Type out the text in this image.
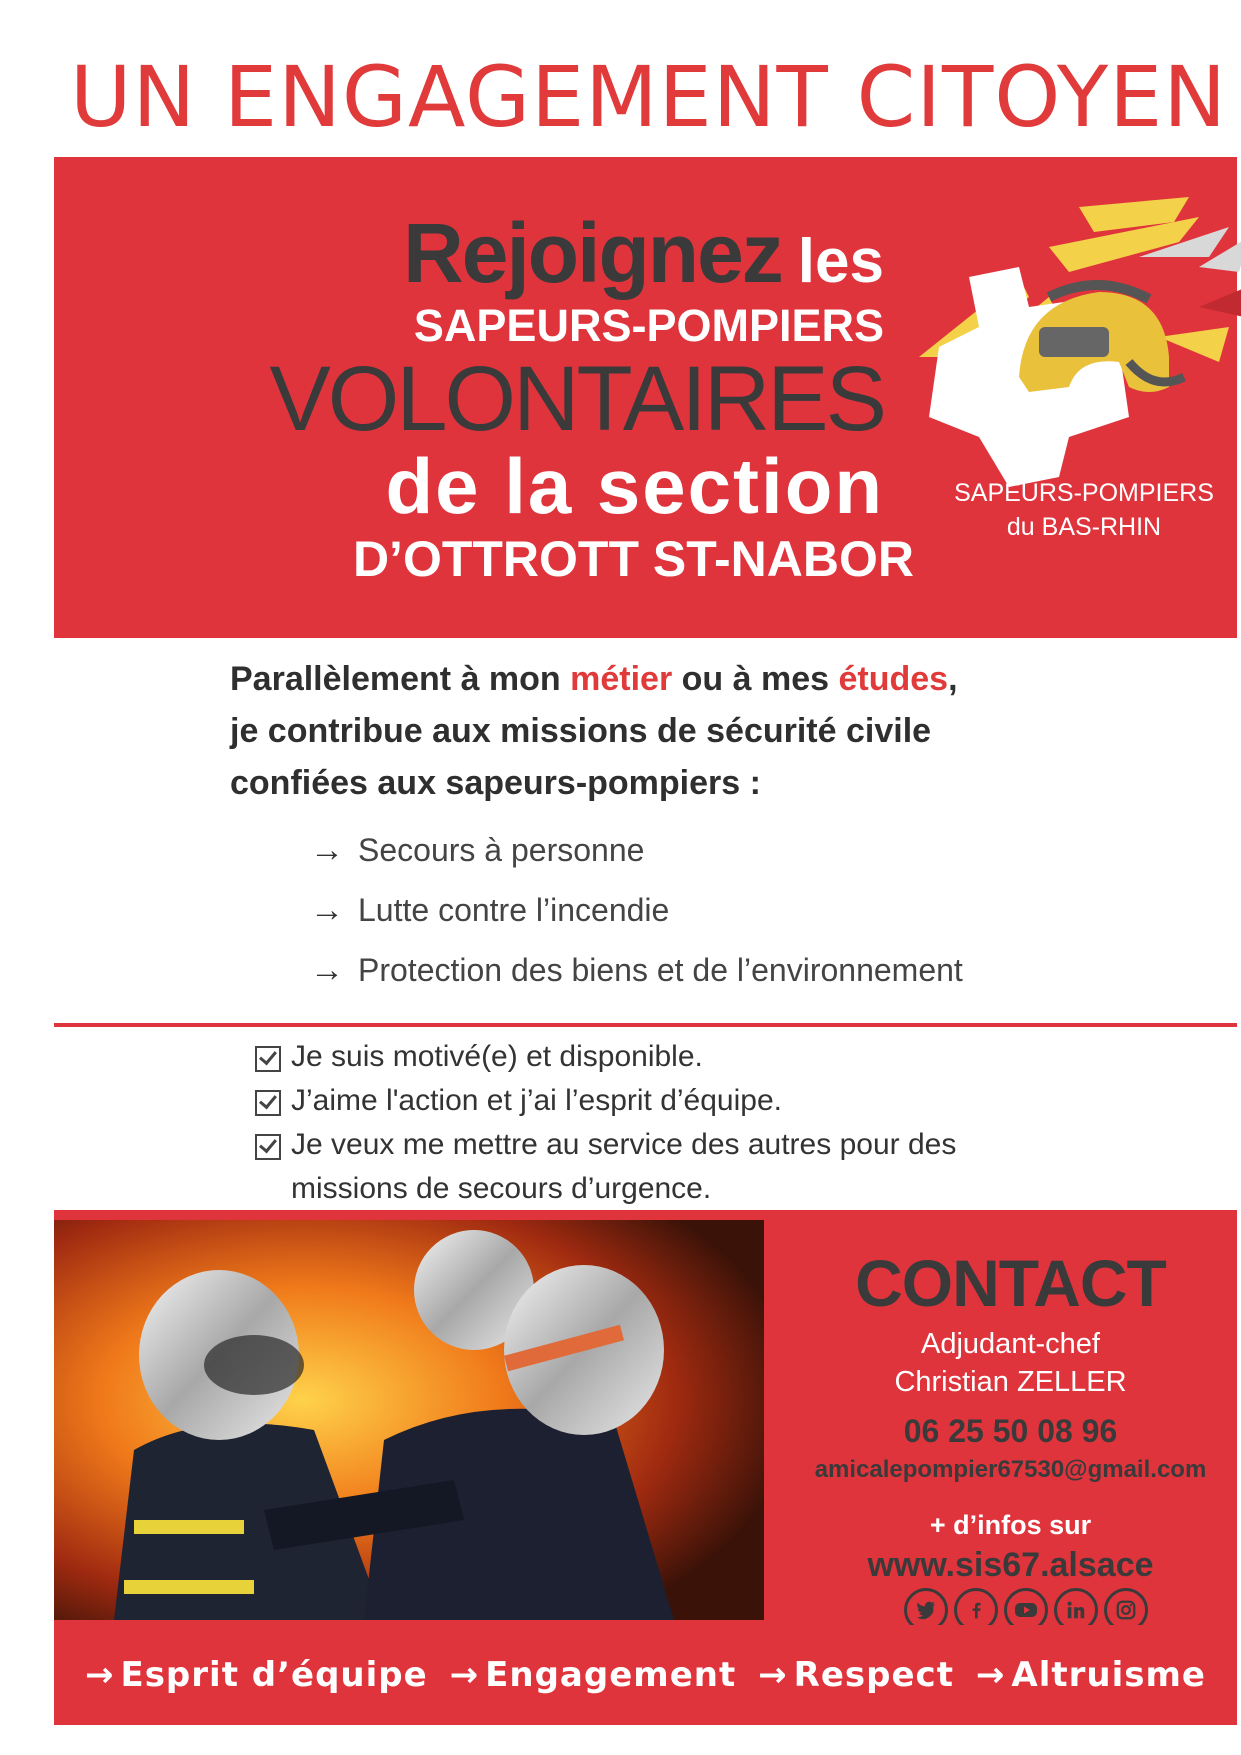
UN ENGAGEMENT CITOYEN
Rejoignez les
SAPEURS-POMPIERS
VOLONTAIRES
de la section
D’OTTROTT ST-NABOR
SAPEURS-POMPIERS
du BAS-RHIN
Parallèlement à mon métier ou à mes études,
je contribue aux missions de sécurité civile
confiées aux sapeurs-pompiers :
→ Secours à personne
→ Lutte contre l’incendie
→ Protection des biens et de l’environnement
Je suis motivé(e) et disponible.
J’aime l'action et j’ai l’esprit d’équipe.
Je veux me mettre au service des autres pour des
missions de secours d’urgence.
CONTACT
Adjudant-chef
Christian ZELLER
06 25 50 08 96
amicalepompier67530@gmail.com
+ d’infos sur
www.sis67.alsace
→ Esprit d’équipe → Engagement → Respect → Altruisme
